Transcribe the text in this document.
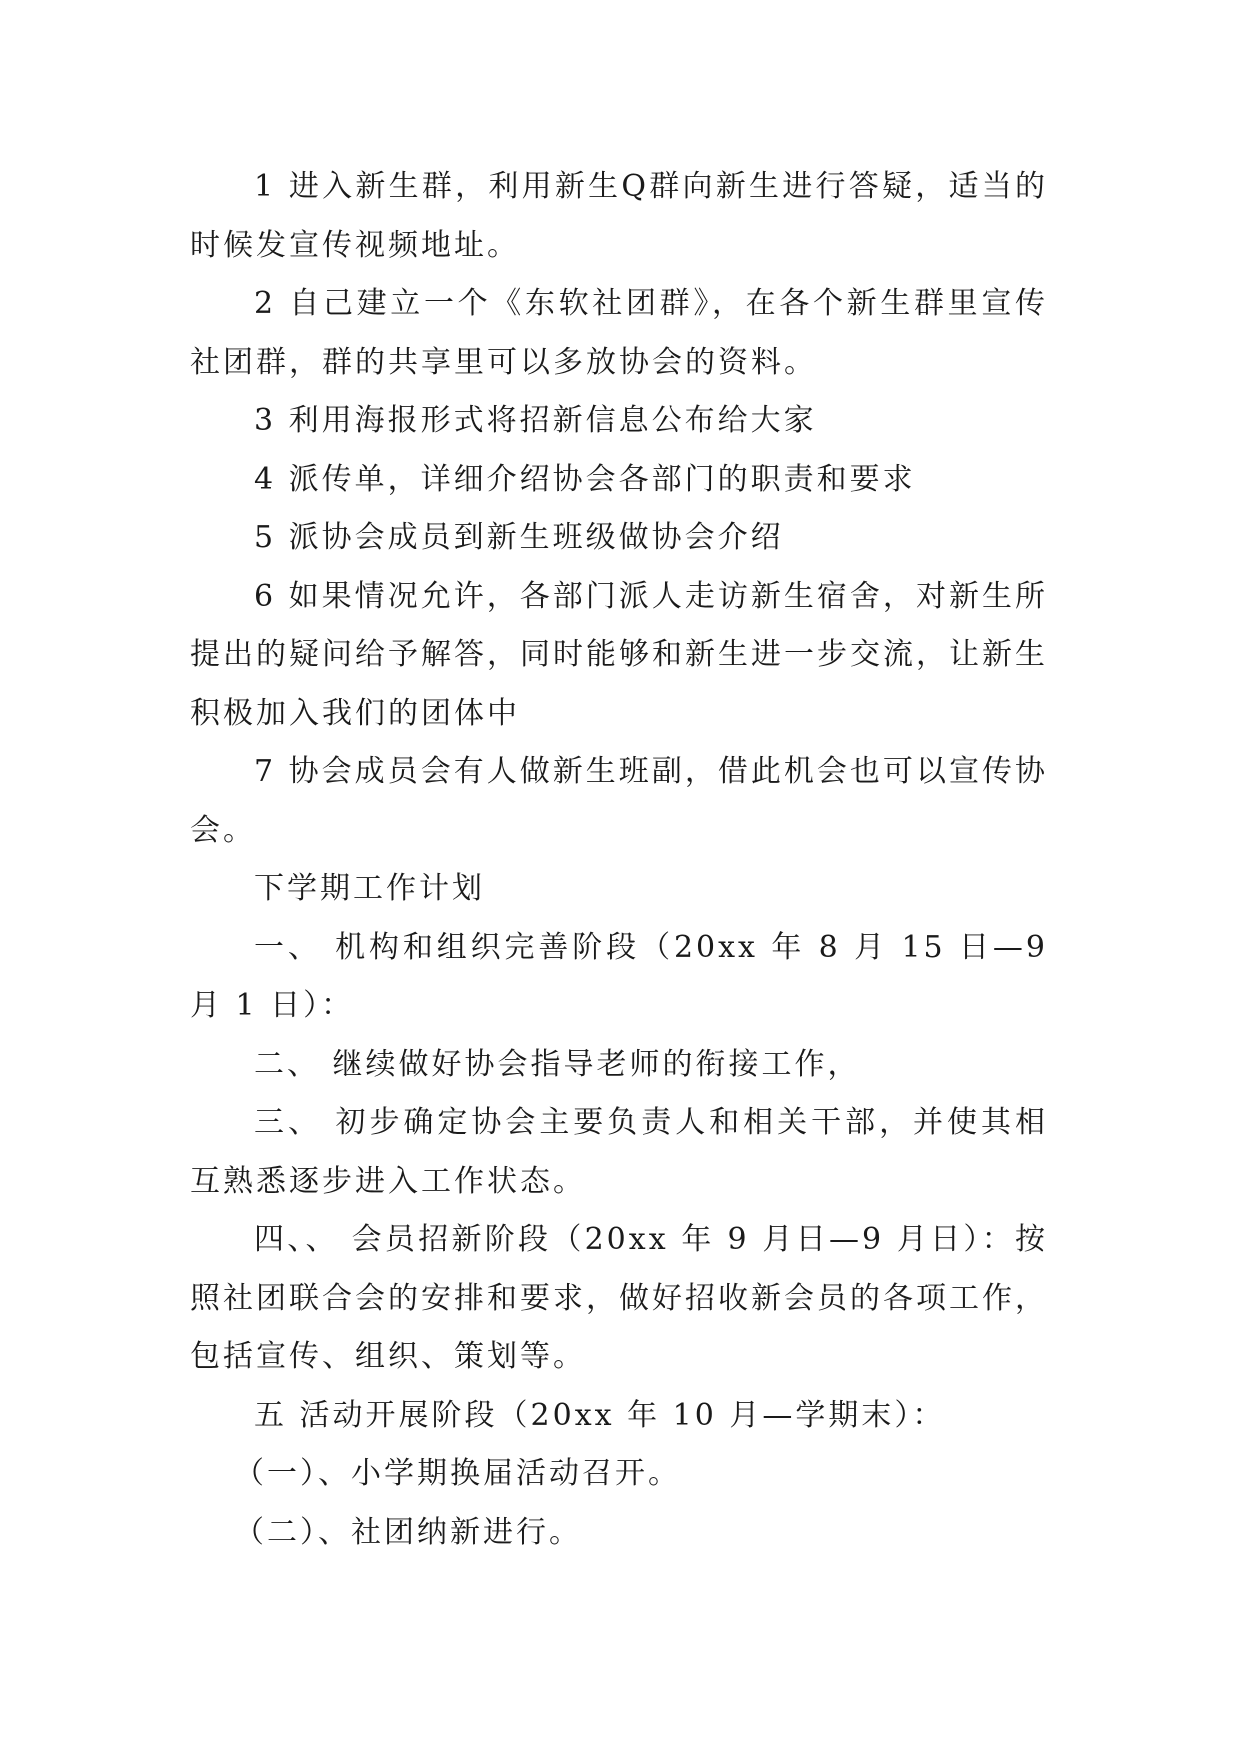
1 进入新生群，利用新生Q群向新生进行答疑，适当的时候发宣传视频地址。

2 自己建立一个《东软社团群》，在各个新生群里宣传社团群，群的共享里可以多放协会的资料。

3 利用海报形式将招新信息公布给大家

4 派传单，详细介绍协会各部门的职责和要求

5 派协会成员到新生班级做协会介绍

6 如果情况允许，各部门派人走访新生宿舍，对新生所提出的疑问给予解答，同时能够和新生进一步交流，让新生积极加入我们的团体中

7 协会成员会有人做新生班副，借此机会也可以宣传协会。

下学期工作计划

一、 机构和组织完善阶段（20xx 年 8 月 15 日—9 月 1 日）：

二、 继续做好协会指导老师的衔接工作，

三、 初步确定协会主要负责人和相关干部，并使其相互熟悉逐步进入工作状态。

四、、 会员招新阶段（20xx 年 9 月日—9 月日）：按照社团联合会的安排和要求，做好招收新会员的各项工作，包括宣传、组织、策划等。

五 活动开展阶段（20xx 年 10 月—学期末）：

（一）、小学期换届活动召开。

（二）、社团纳新进行。
